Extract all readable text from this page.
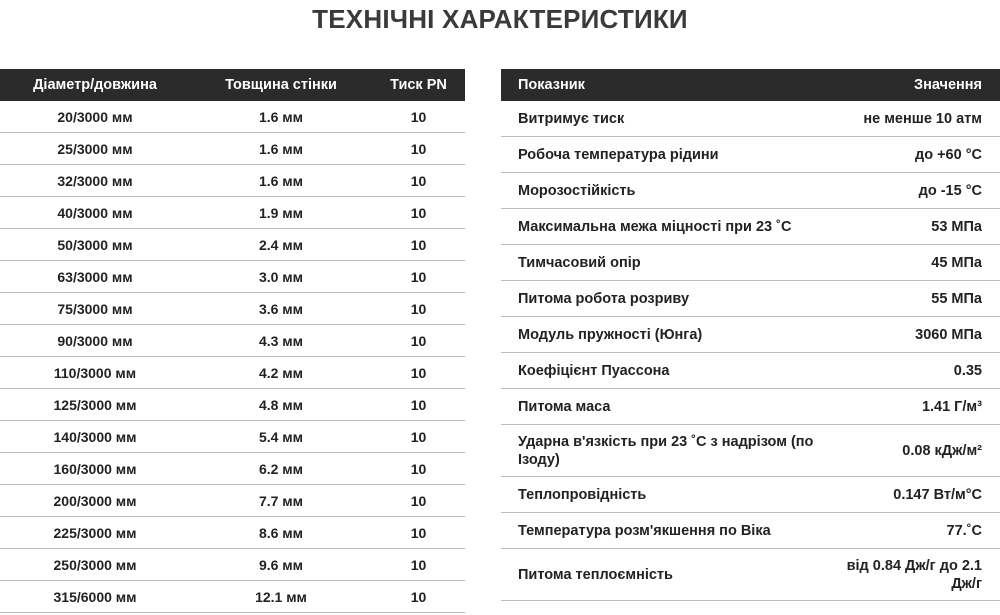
ТЕХНІЧНІ ХАРАКТЕРИСТИКИ
Діаметр/довжина	Товщина стінки	Тиск PN
20/3000 мм	1.6 мм	10
25/3000 мм	1.6 мм	10
32/3000 мм	1.6 мм	10
40/3000 мм	1.9 мм	10
50/3000 мм	2.4 мм	10
63/3000 мм	3.0 мм	10
75/3000 мм	3.6 мм	10
90/3000 мм	4.3 мм	10
110/3000 мм	4.2 мм	10
125/3000 мм	4.8 мм	10
140/3000 мм	5.4 мм	10
160/3000 мм	6.2 мм	10
200/3000 мм	7.7 мм	10
225/3000 мм	8.6 мм	10
250/3000 мм	9.6 мм	10
315/6000 мм	12.1 мм	10
Показник	Значення
Витримує тиск	не менше 10 атм
Робоча температура рідини	до +60 °C
Морозостійкість	до -15 °C
Максимальна межа міцності при 23 ˚С	53 МПа
Тимчасовий опір	45 МПа
Питома робота розриву	55 МПа
Модуль пружності (Юнга)	3060 МПа
Коефіцієнт Пуассона	0.35
Питома маса	1.41 Г/м³
Ударна в'язкість при 23 ˚С з надрізом (по Ізоду)	0.08 кДж/м²
Теплопровідність	0.147 Вт/м°С
Температура розм'якшення по Віка	77.˚С
Питома теплоємність	від 0.84 Дж/г до 2.1 Дж/г
